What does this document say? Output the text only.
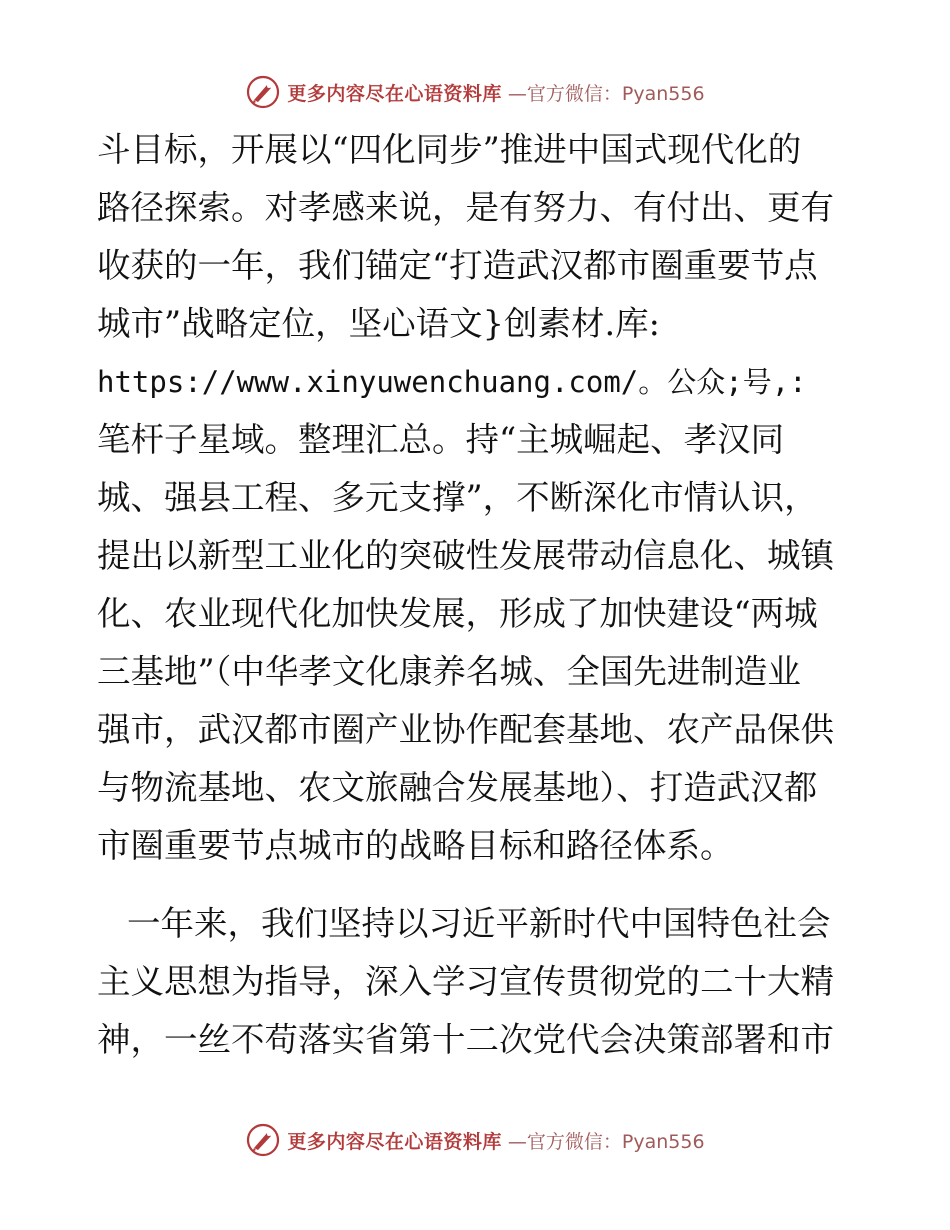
更多内容尽在心语资料库 —官方微信：Pyan556
斗目标，开展以“四化同步”推进中国式现代化的
路径探索。对孝感来说，是有努力、有付出、更有
收获的一年，我们锚定“打造武汉都市圈重要节点
城市”战略定位，坚心语文}创素材.库:
https://www.xinyuwenchuang.com/。公众;号,:
笔杆子星域。整理汇总。持“主城崛起、孝汉同
城、强县工程、多元支撑”，不断深化市情认识，
提出以新型工业化的突破性发展带动信息化、城镇
化、农业现代化加快发展，形成了加快建设“两城
三基地”（中华孝文化康养名城、全国先进制造业
强市，武汉都市圈产业协作配套基地、农产品保供
与物流基地、农文旅融合发展基地）、打造武汉都
市圈重要节点城市的战略目标和路径体系。
一年来，我们坚持以习近平新时代中国特色社会
主义思想为指导，深入学习宣传贯彻党的二十大精
神，一丝不苟落实省第十二次党代会决策部署和市
更多内容尽在心语资料库 —官方微信：Pyan556
